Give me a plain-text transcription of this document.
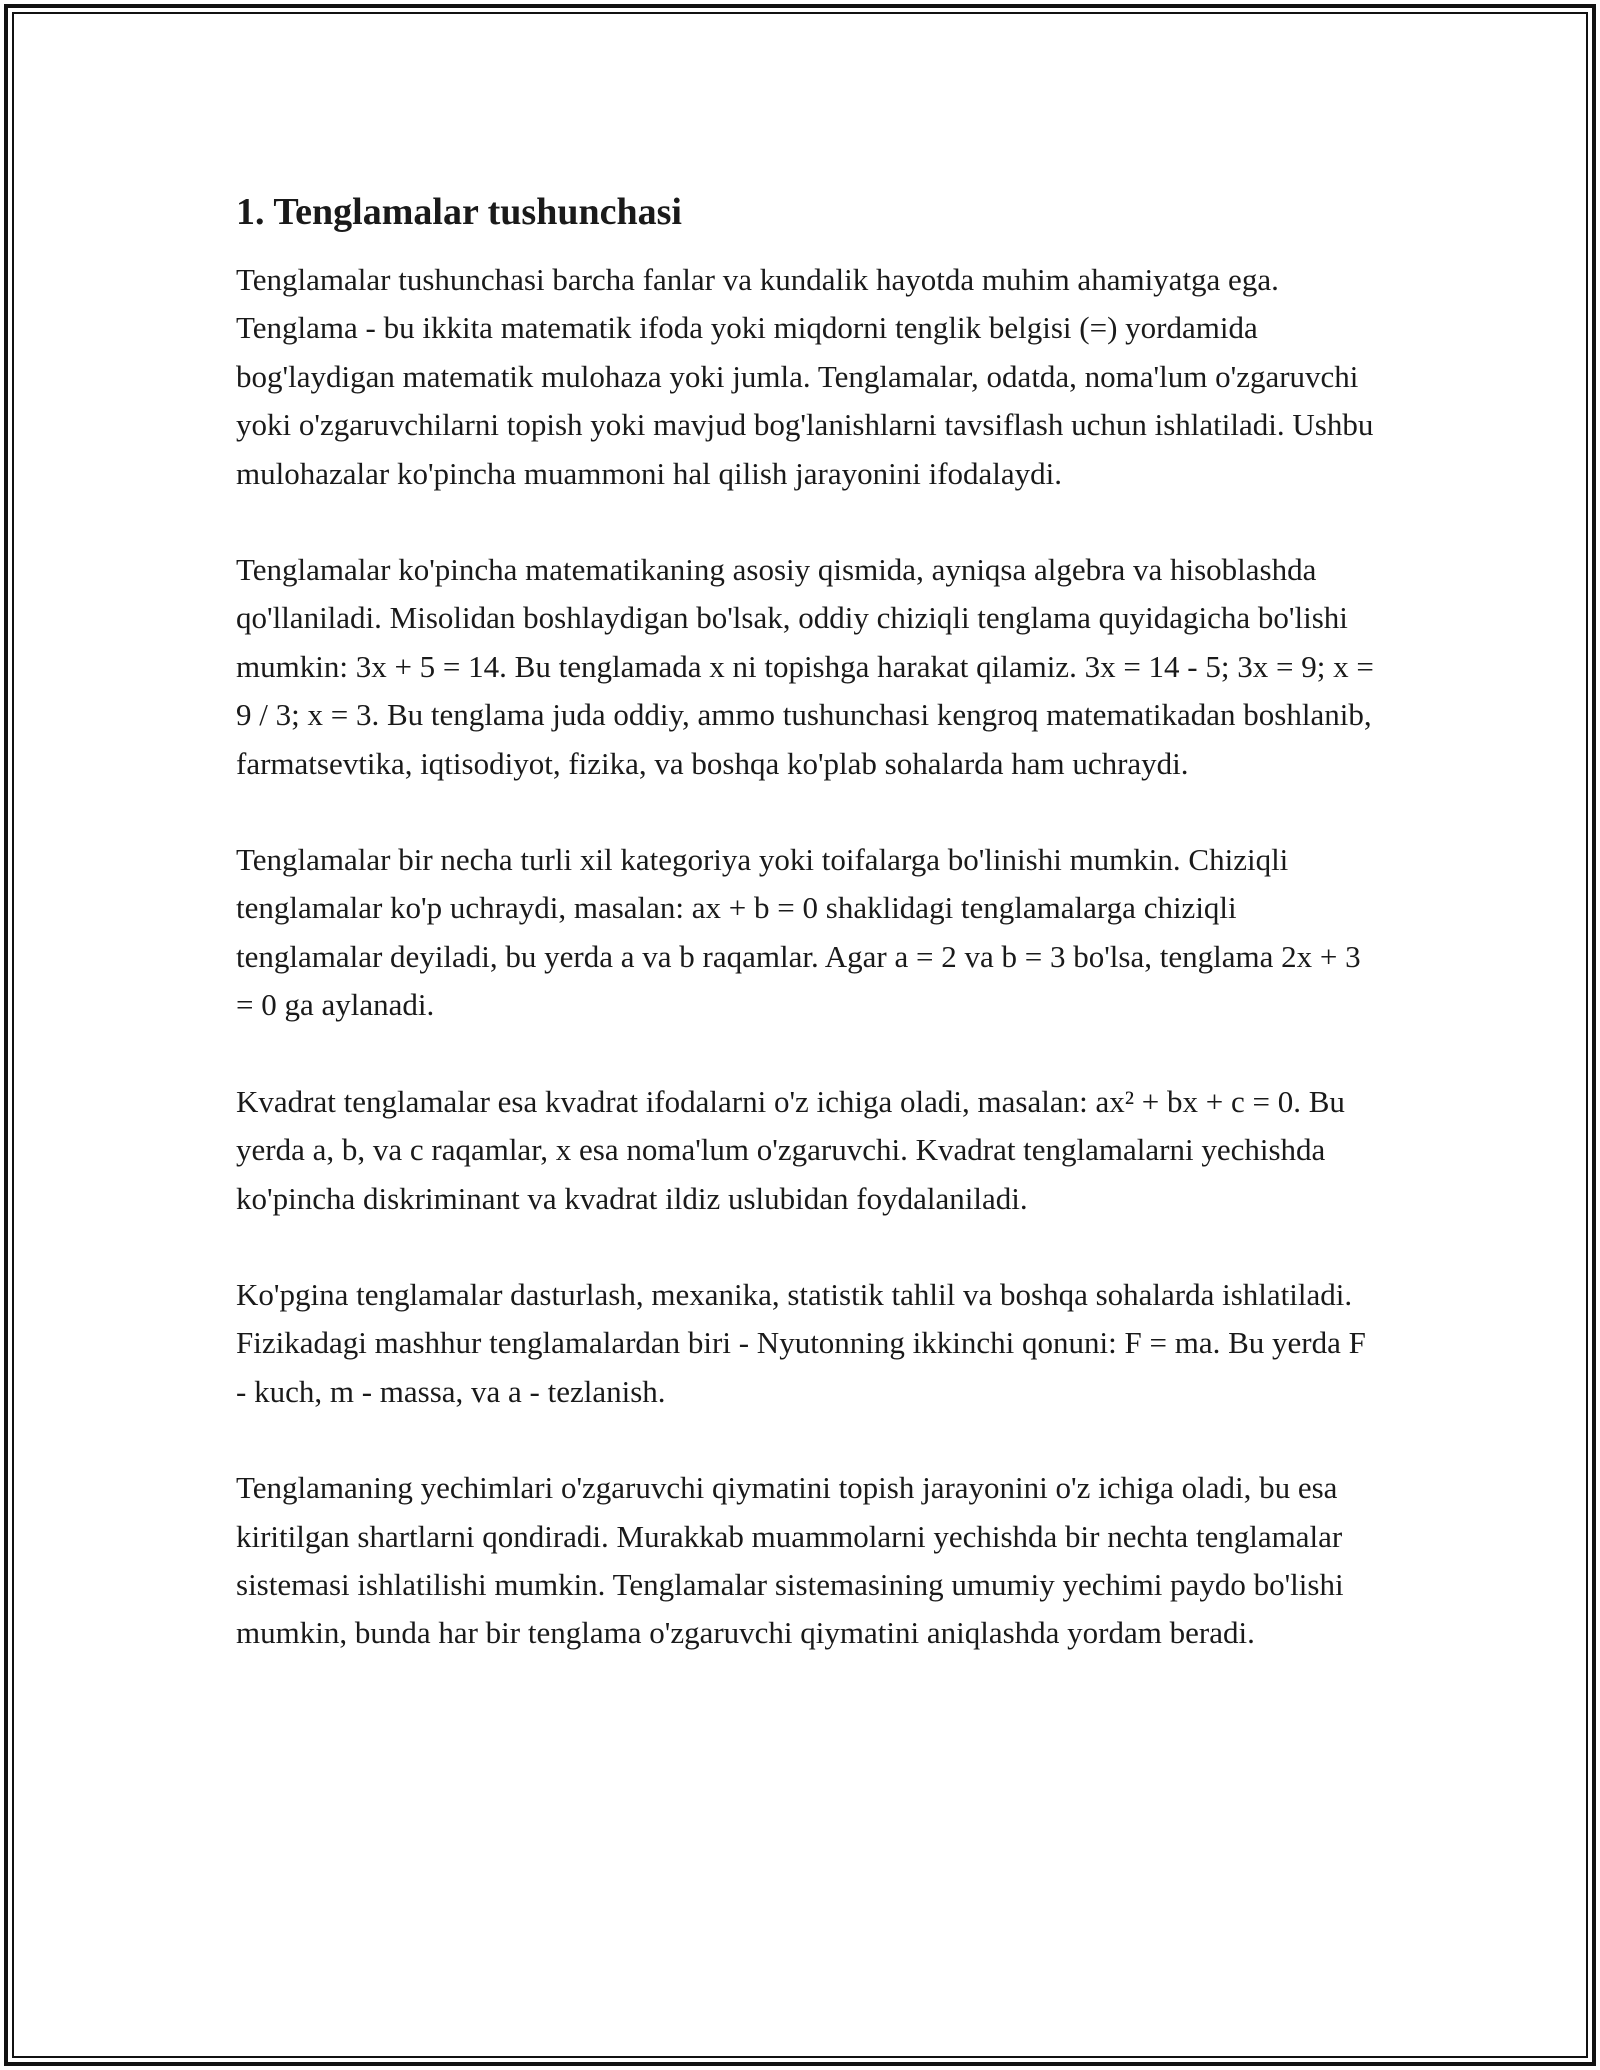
1. Tenglamalar tushunchasi

Tenglamalar tushunchasi barcha fanlar va kundalik hayotda muhim ahamiyatga ega. Tenglama - bu ikkita matematik ifoda yoki miqdorni tenglik belgisi (=) yordamida bog'laydigan matematik mulohaza yoki jumla. Tenglamalar, odatda, noma'lum o'zgaruvchi yoki o'zgaruvchilarni topish yoki mavjud bog'lanishlarni tavsiflash uchun ishlatiladi. Ushbu mulohazalar ko'pincha muammoni hal qilish jarayonini ifodalaydi.

Tenglamalar ko'pincha matematikaning asosiy qismida, ayniqsa algebra va hisoblashda qo'llaniladi. Misolidan boshlaydigan bo'lsak, oddiy chiziqli tenglama quyidagicha bo'lishi mumkin: 3x + 5 = 14. Bu tenglamada x ni topishga harakat qilamiz. 3x = 14 - 5; 3x = 9; x = 9 / 3; x = 3. Bu tenglama juda oddiy, ammo tushunchasi kengroq matematikadan boshlanib, farmatsevtika, iqtisodiyot, fizika, va boshqa ko'plab sohalarda ham uchraydi.

Tenglamalar bir necha turli xil kategoriya yoki toifalarga bo'linishi mumkin. Chiziqli tenglamalar ko'p uchraydi, masalan: ax + b = 0 shaklidagi tenglamalarga chiziqli tenglamalar deyiladi, bu yerda a va b raqamlar. Agar a = 2 va b = 3 bo'lsa, tenglama 2x + 3 = 0 ga aylanadi.

Kvadrat tenglamalar esa kvadrat ifodalarni o'z ichiga oladi, masalan: ax² + bx + c = 0. Bu yerda a, b, va c raqamlar, x esa noma'lum o'zgaruvchi. Kvadrat tenglamalarni yechishda ko'pincha diskriminant va kvadrat ildiz uslubidan foydalaniladi.

Ko'pgina tenglamalar dasturlash, mexanika, statistik tahlil va boshqa sohalarda ishlatiladi. Fizikadagi mashhur tenglamalardan biri - Nyutonning ikkinchi qonuni: F = ma. Bu yerda F - kuch, m - massa, va a - tezlanish.

Tenglamaning yechimlari o'zgaruvchi qiymatini topish jarayonini o'z ichiga oladi, bu esa kiritilgan shartlarni qondiradi. Murakkab muammolarni yechishda bir nechta tenglamalar sistemasi ishlatilishi mumkin. Tenglamalar sistemasining umumiy yechimi paydo bo'lishi mumkin, bunda har bir tenglama o'zgaruvchi qiymatini aniqlashda yordam beradi.
